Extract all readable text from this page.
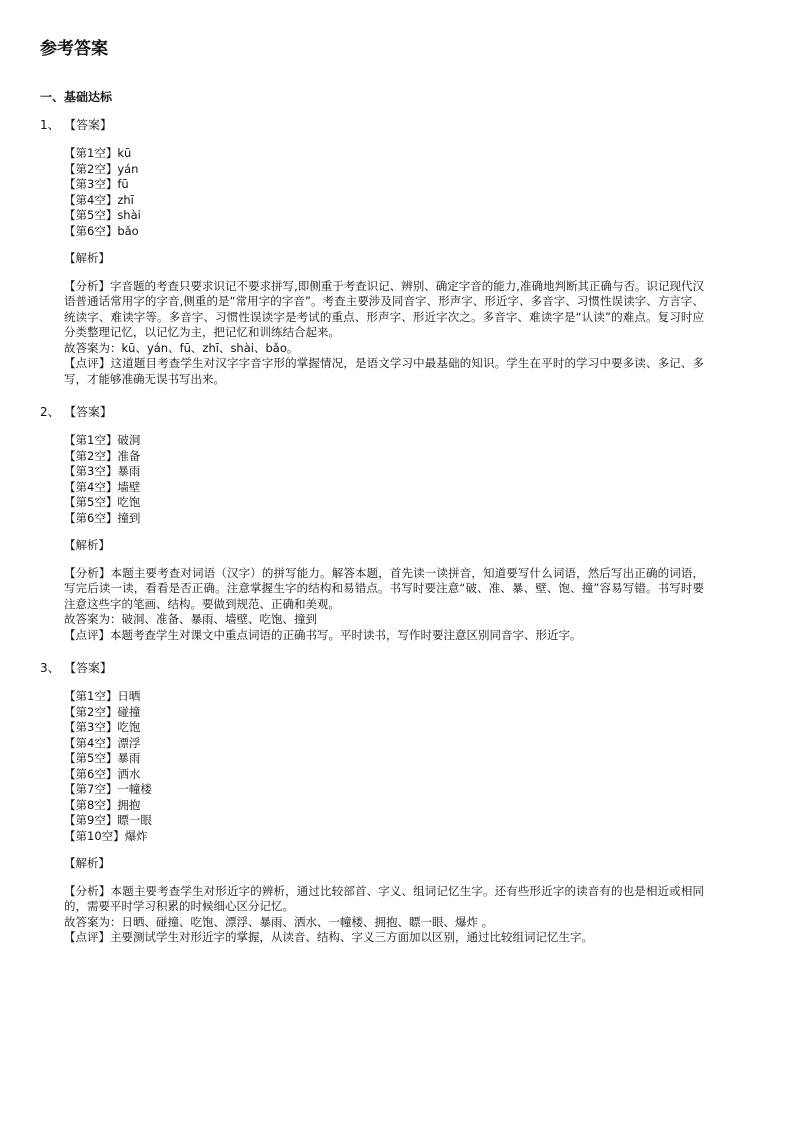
参考答案
一、基础达标
1、 【答案】
【第1空】kū
【第2空】yán
【第3空】fū
【第4空】zhī
【第5空】shài
【第6空】bǎo
【解析】

【分析】字音题的考查只要求识记不要求拼写,即侧重于考查识记、辨别、确定字音的能力,准确地判断其正确与否。识记现代汉语普通话常用字的字音,侧重的是“常用字的字音”。考查主要涉及同音字、形声字、形近字、多音字、习惯性误读字、方言字、统读字、难读字等。多音字、习惯性误读字是考试的重点、形声字、形近字次之。多音字、难读字是“认读”的难点。复习时应分类整理记忆，以记忆为主，把记忆和训练结合起来。

故答案为：kū、yán、fū、zhī、shài、bǎo。

【点评】这道题目考查学生对汉字字音字形的掌握情况，是语文学习中最基础的知识。学生在平时的学习中要多读、多记、多写，才能够准确无误书写出来。

2、 【答案】
【第1空】破洞
【第2空】准备
【第3空】暴雨
【第4空】墙壁
【第5空】吃饱
【第6空】撞到
【解析】

【分析】本题主要考查对词语（汉字）的拼写能力。解答本题，首先读一读拼音，知道要写什么词语，然后写出正确的词语，写完后读一读，看看是否正确。注意掌握生字的结构和易错点。书写时要注意“破、准、暴、壁、饱、撞”容易写错。书写时要注意这些字的笔画、结构。要做到规范、正确和美观。

故答案为：破洞、准备、暴雨、墙壁、吃饱、撞到

【点评】本题考查学生对课文中重点词语的正确书写。平时读书，写作时要注意区别同音字、形近字。

3、 【答案】
【第1空】日晒
【第2空】碰撞
【第3空】吃饱
【第4空】漂浮
【第5空】暴雨
【第6空】洒水
【第7空】一幢楼
【第8空】拥抱
【第9空】瞟一眼
【第10空】爆炸
【解析】

【分析】本题主要考查学生对形近字的辨析，通过比较部首、字义、组词记忆生字。还有些形近字的读音有的也是相近或相同的，需要平时学习积累的时候细心区分记忆。

故答案为：日晒、碰撞、吃饱、漂浮、暴雨、洒水、一幢楼、拥抱、瞟一眼、爆炸 。

【点评】主要测试学生对形近字的掌握，从读音、结构、字义三方面加以区别，通过比较组词记忆生字。
